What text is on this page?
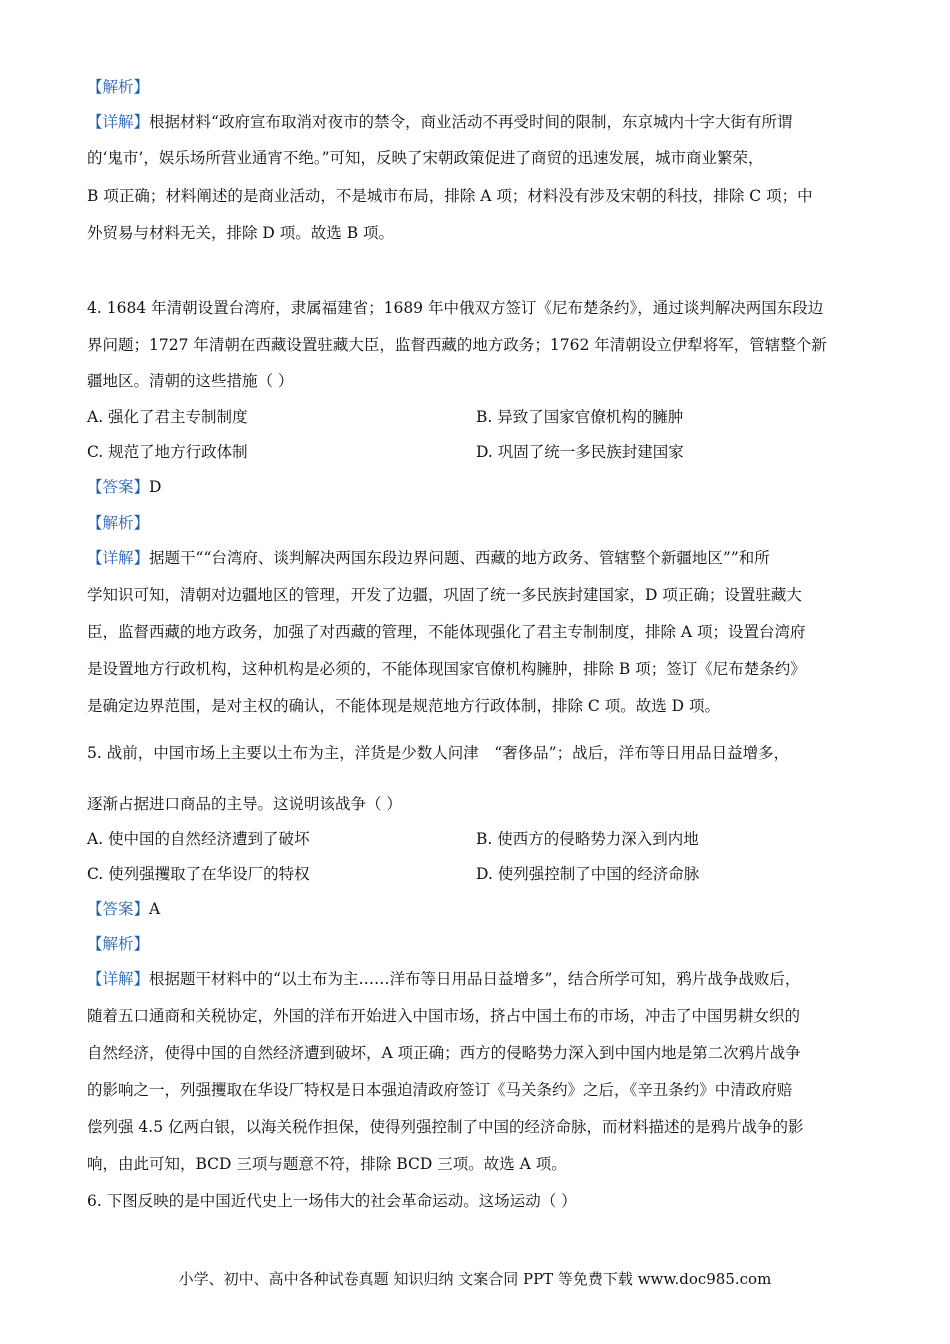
【解析】
【详解】根据材料“政府宣布取消对夜市的禁令，商业活动不再受时间的限制，东京城内十字大街有所谓
的‘鬼市’，娱乐场所营业通宵不绝。”可知，反映了宋朝政策促进了商贸的迅速发展，城市商业繁荣，
B 项正确；材料阐述的是商业活动，不是城市布局，排除 A 项；材料没有涉及宋朝的科技，排除 C 项；中
外贸易与材料无关，排除 D 项。故选 B 项。
4. 1684 年清朝设置台湾府，隶属福建省；1689 年中俄双方签订《尼布楚条约》，通过谈判解决两国东段边
界问题；1727 年清朝在西藏设置驻藏大臣，监督西藏的地方政务；1762 年清朝设立伊犁将军，管辖整个新
疆地区。清朝的这些措施（ ）
A. 强化了君主专制制度	B. 异致了国家官僚机构的臃肿
C. 规范了地方行政体制	D. 巩固了统一多民族封建国家
【答案】D
【解析】
【详解】据题干““台湾府、谈判解决两国东段边界问题、西藏的地方政务、管辖整个新疆地区””和所
学知识可知，清朝对边疆地区的管理，开发了边疆，巩固了统一多民族封建国家，D 项正确；设置驻藏大
臣，监督西藏的地方政务，加强了对西藏的管理，不能体现强化了君主专制制度，排除 A 项；设置台湾府
是设置地方行政机构，这种机构是必须的，不能体现国家官僚机构臃肿，排除 B 项；签订《尼布楚条约》
是确定边界范围，是对主权的确认，不能体现是规范地方行政体制，排除 C 项。故选 D 项。
5. 战前，中国市场上主要以土布为主，洋货是少数人问津　“奢侈品”；战后，洋布等日用品日益增多，
逐渐占据进口商品的主导。这说明该战争（ ）
A. 使中国的自然经济遭到了破坏	B. 使西方的侵略势力深入到内地
C. 使列强攫取了在华设厂的特权	D. 使列强控制了中国的经济命脉
【答案】A
【解析】
【详解】根据题干材料中的“以土布为主……洋布等日用品日益增多”，结合所学可知，鸦片战争战败后，
随着五口通商和关税协定，外国的洋布开始进入中国市场，挤占中国土布的市场，冲击了中国男耕女织的
自然经济，使得中国的自然经济遭到破坏，A 项正确；西方的侵略势力深入到中国内地是第二次鸦片战争
的影响之一，列强攫取在华设厂特权是日本强迫清政府签订《马关条约》之后，《辛丑条约》中清政府赔
偿列强 4.5 亿两白银，以海关税作担保，使得列强控制了中国的经济命脉，而材料描述的是鸦片战争的影
响，由此可知，BCD 三项与题意不符，排除 BCD 三项。故选 A 项。
6. 下图反映的是中国近代史上一场伟大的社会革命运动。这场运动（ ）
小学、初中、高中各种试卷真题 知识归纳 文案合同 PPT 等免费下载 www.doc985.com
